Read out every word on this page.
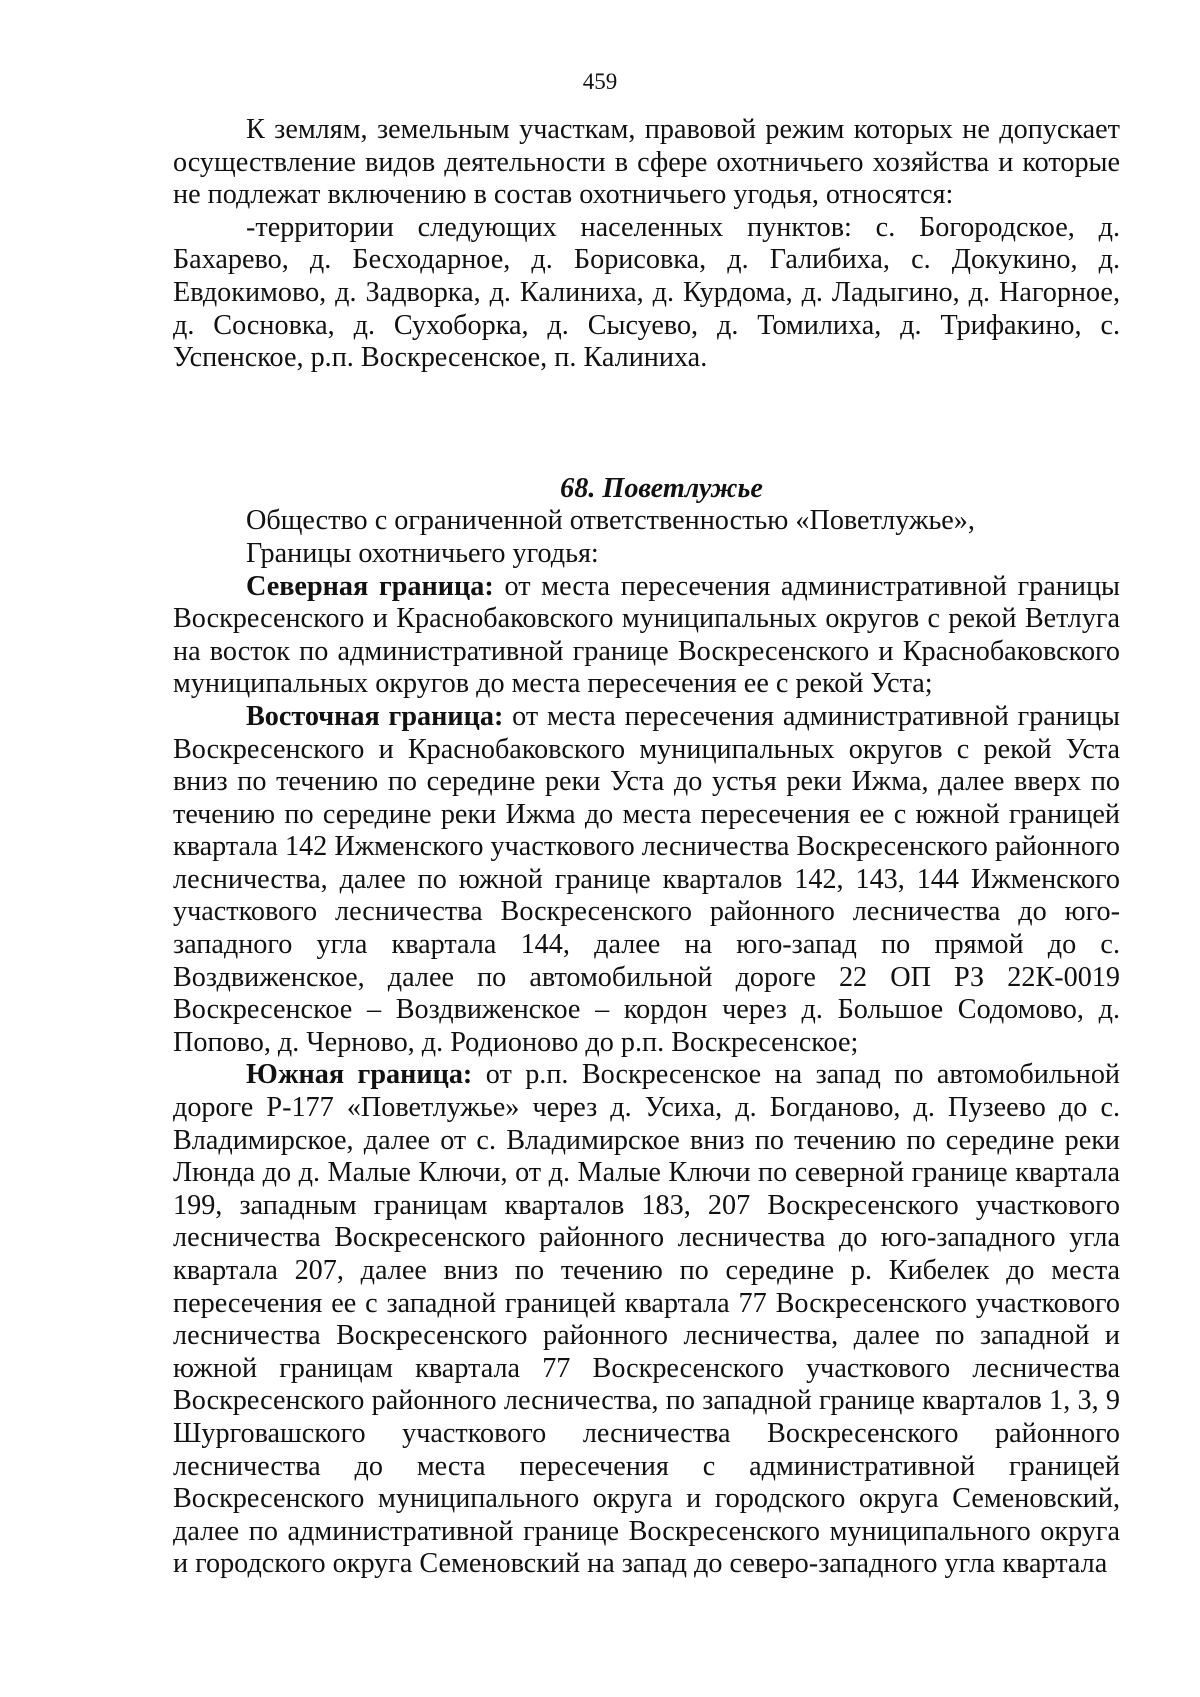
459

К землям, земельным участкам, правовой режим которых не допускает осуществление видов деятельности в сфере охотничьего хозяйства и которые не подлежат включению в состав охотничьего угодья, относятся:

-территории следующих населенных пунктов: с. Богородское, д. Бахарево, д. Бесходарное, д. Борисовка, д. Галибиха, с. Докукино, д. Евдокимово, д. Задворка, д. Калиниха, д. Курдома, д. Ладыгино, д. Нагорное, д. Сосновка, д. Сухоборка, д. Сысуево, д. Томилиха, д. Трифакино, с. Успенское, р.п. Воскресенское, п. Калиниха.

68. Поветлужье

Общество с ограниченной ответственностью «Поветлужье»,

Границы охотничьего угодья:

Северная граница: от места пересечения административной границы Воскресенского и Краснобаковского муниципальных округов с рекой Ветлуга на восток по административной границе Воскресенского и Краснобаковского муниципальных округов до места пересечения ее с рекой Уста;

Восточная граница: от места пересечения административной границы Воскресенского и Краснобаковского муниципальных округов с рекой Уста вниз по течению по середине реки Уста до устья реки Ижма, далее вверх по течению по середине реки Ижма до места пересечения ее с южной границей квартала 142 Ижменского участкового лесничества Воскресенского районного лесничества, далее по южной границе кварталов 142, 143, 144 Ижменского участкового лесничества Воскресенского районного лесничества до юго-западного угла квартала 144, далее на юго-запад по прямой до с. Воздвиженское, далее по автомобильной дороге 22 ОП РЗ 22К-0019 Воскресенское – Воздвиженское – кордон через д. Большое Содомово, д. Попово, д. Черново, д. Родионово до р.п. Воскресенское;

Южная граница: от р.п. Воскресенское на запад по автомобильной дороге Р-177 «Поветлужье» через д. Усиха, д. Богданово, д. Пузеево до с. Владимирское, далее от с. Владимирское вниз по течению по середине реки Люнда до д. Малые Ключи, от д. Малые Ключи по северной границе квартала 199, западным границам кварталов 183, 207 Воскресенского участкового лесничества Воскресенского районного лесничества до юго-западного угла квартала 207, далее вниз по течению по середине р. Кибелек до места пересечения ее с западной границей квартала 77 Воскресенского участкового лесничества Воскресенского районного лесничества, далее по западной и южной границам квартала 77 Воскресенского участкового лесничества Воскресенского районного лесничества, по западной границе кварталов 1, 3, 9 Шурговашского участкового лесничества Воскресенского районного лесничества до места пересечения с административной границей Воскресенского муниципального округа и городского округа Семеновский, далее по административной границе Воскресенского муниципального округа и городского округа Семеновский на запад до северо-западного угла квартала
